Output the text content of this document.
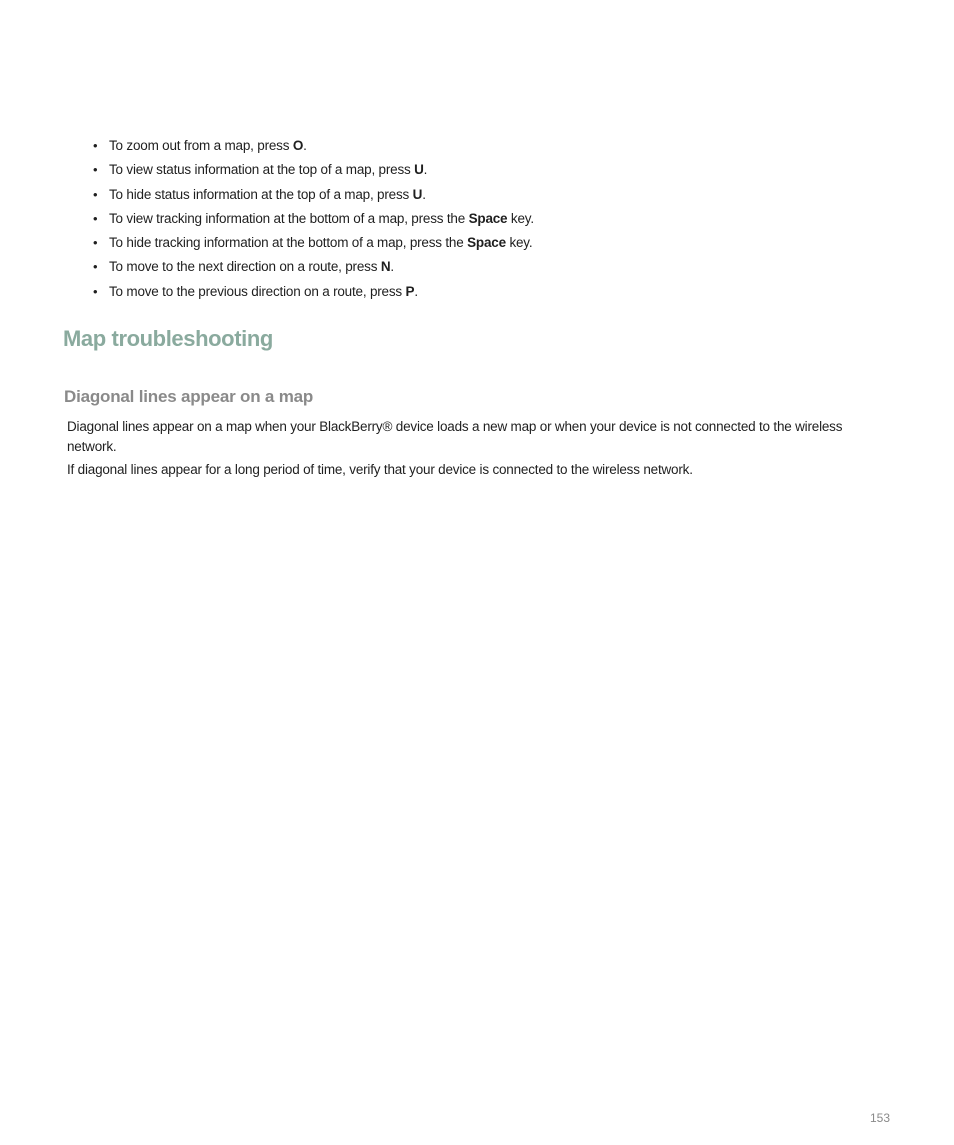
• To zoom out from a map, press O.
• To view status information at the top of a map, press U.
• To hide status information at the top of a map, press U.
• To view tracking information at the bottom of a map, press the Space key.
• To hide tracking information at the bottom of a map, press the Space key.
• To move to the next direction on a route, press N.
• To move to the previous direction on a route, press P.
Map troubleshooting
Diagonal lines appear on a map

Diagonal lines appear on a map when your BlackBerry® device loads a new map or when your device is not connected to the wireless network.

If diagonal lines appear for a long period of time, verify that your device is connected to the wireless network.

153
